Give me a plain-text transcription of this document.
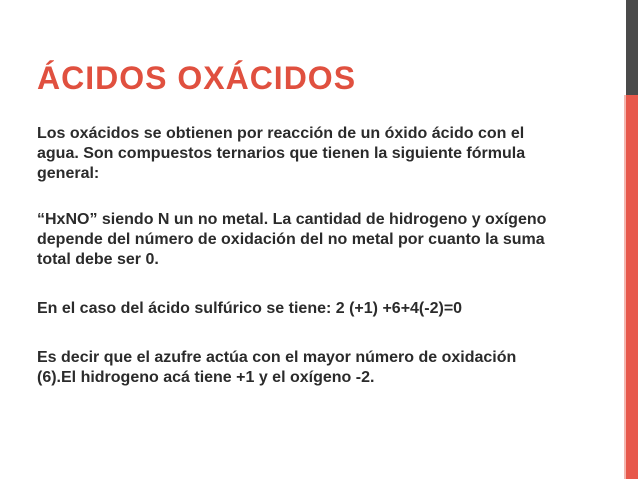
ÁCIDOS OXÁCIDOS

Los oxácidos se obtienen por reacción de un óxido ácido con el agua. Son compuestos ternarios que tienen la siguiente fórmula general:

“HxNO” siendo N un no metal. La cantidad de hidrogeno y oxígeno depende del número de oxidación del no metal por cuanto la suma total debe ser 0.

En el caso del ácido sulfúrico se tiene: 2 (+1) +6+4(-2)=0

Es decir que el azufre actúa con el mayor número de oxidación (6).El hidrogeno acá tiene +1 y el oxígeno -2.
